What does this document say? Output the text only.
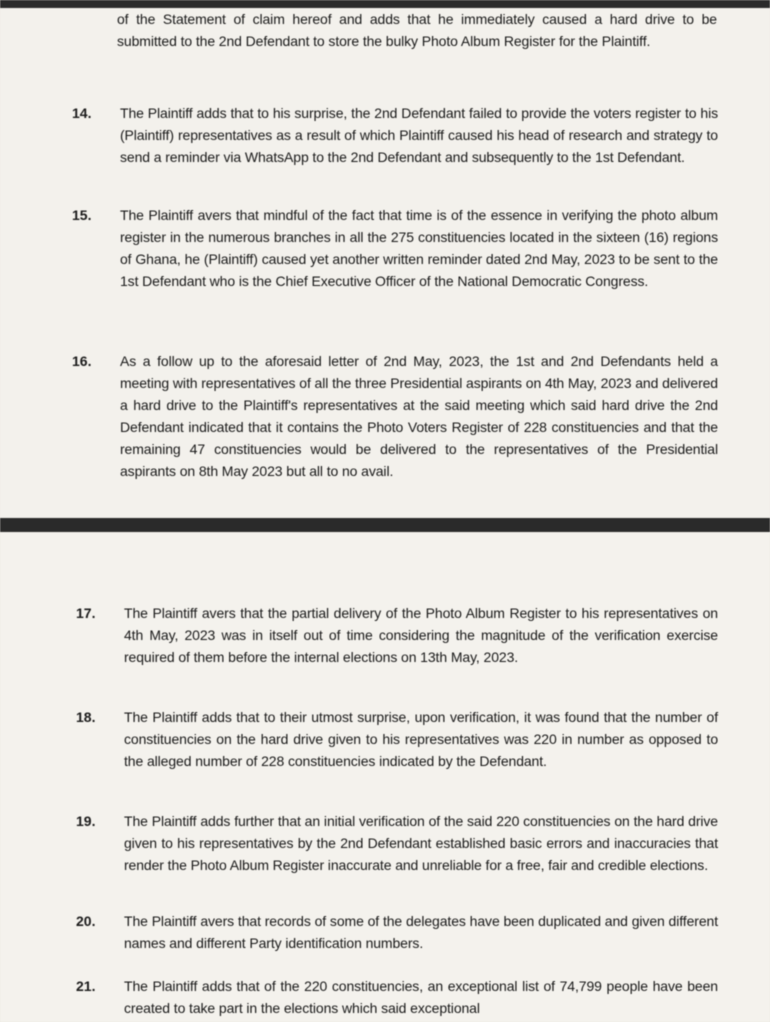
of the Statement of claim hereof and adds that he immediately caused a hard drive to be submitted to the 2nd Defendant to store the bulky Photo Album Register for the Plaintiff.
14.	The Plaintiff adds that to his surprise, the 2nd Defendant failed to provide the voters register to his (Plaintiff) representatives as a result of which Plaintiff caused his head of research and strategy to send a reminder via WhatsApp to the 2nd Defendant and subsequently to the 1st Defendant.
15.	The Plaintiff avers that mindful of the fact that time is of the essence in verifying the photo album register in the numerous branches in all the 275 constituencies located in the sixteen (16) regions of Ghana, he (Plaintiff) caused yet another written reminder dated 2nd May, 2023 to be sent to the 1st Defendant who is the Chief Executive Officer of the National Democratic Congress.
16.	As a follow up to the aforesaid letter of 2nd May, 2023, the 1st and 2nd Defendants held a meeting with representatives of all the three Presidential aspirants on 4th May, 2023 and delivered a hard drive to the Plaintiff's representatives at the said meeting which said hard drive the 2nd Defendant indicated that it contains the Photo Voters Register of 228 constituencies and that the remaining 47 constituencies would be delivered to the representatives of the Presidential aspirants on 8th May 2023 but all to no avail.
17.	The Plaintiff avers that the partial delivery of the Photo Album Register to his representatives on 4th May, 2023 was in itself out of time considering the magnitude of the verification exercise required of them before the internal elections on 13th May, 2023.
18.	The Plaintiff adds that to their utmost surprise, upon verification, it was found that the number of constituencies on the hard drive given to his representatives was 220 in number as opposed to the alleged number of 228 constituencies indicated by the Defendant.
19.	The Plaintiff adds further that an initial verification of the said 220 constituencies on the hard drive given to his representatives by the 2nd Defendant established basic errors and inaccuracies that render the Photo Album Register inaccurate and unreliable for a free, fair and credible elections.
20.	The Plaintiff avers that records of some of the delegates have been duplicated and given different names and different Party identification numbers.
21.	The Plaintiff adds that of the 220 constituencies, an exceptional list of 74,799 people have been created to take part in the elections which said exceptional
